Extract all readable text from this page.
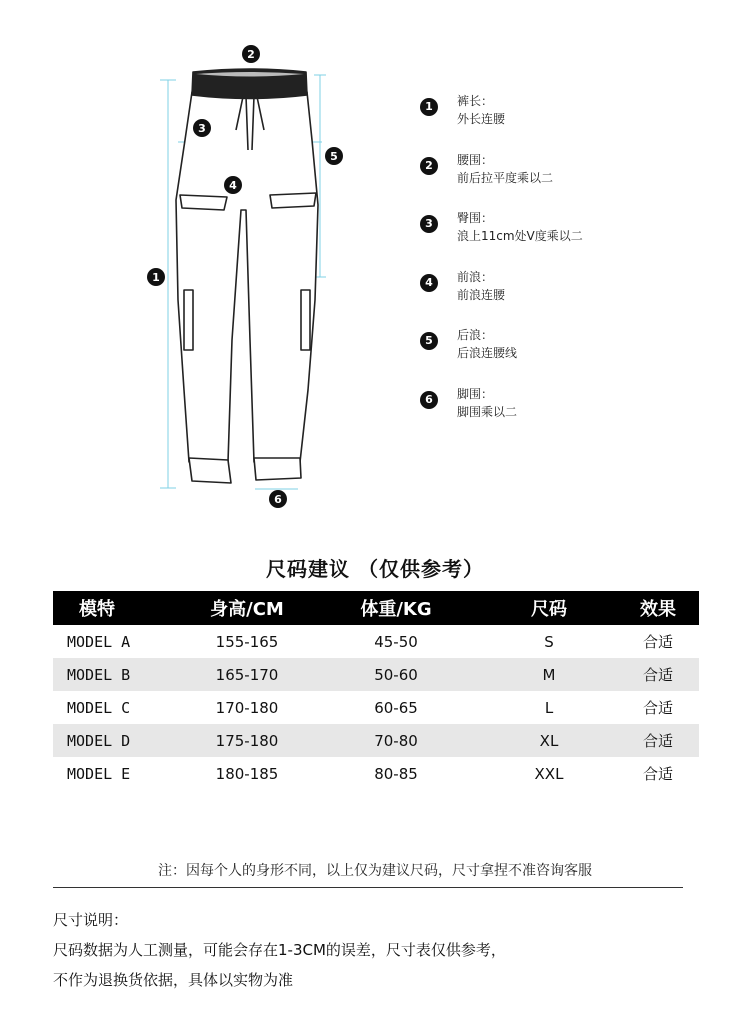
1
2
3
4
5
6
1	裤长：
外长连腰
2	腰围：
前后拉平度乘以二
3	臀围：
浪上11cm处V度乘以二
4	前浪：
前浪连腰
5	后浪：
后浪连腰线
6	脚围：
脚围乘以二
尺码建议 （仅供参考）
模特	身高/CM	体重/KG	尺码	效果
MODEL A	155-165	45-50	S	合适
MODEL B	165-170	50-60	M	合适
MODEL C	170-180	60-65	L	合适
MODEL D	175-180	70-80	XL	合适
MODEL E	180-185	80-85	XXL	合适
注：因每个人的身形不同，以上仅为建议尺码，尺寸拿捏不准咨询客服
尺寸说明：
尺码数据为人工测量，可能会存在1-3CM的误差，尺寸表仅供参考，
不作为退换货依据，具体以实物为准
